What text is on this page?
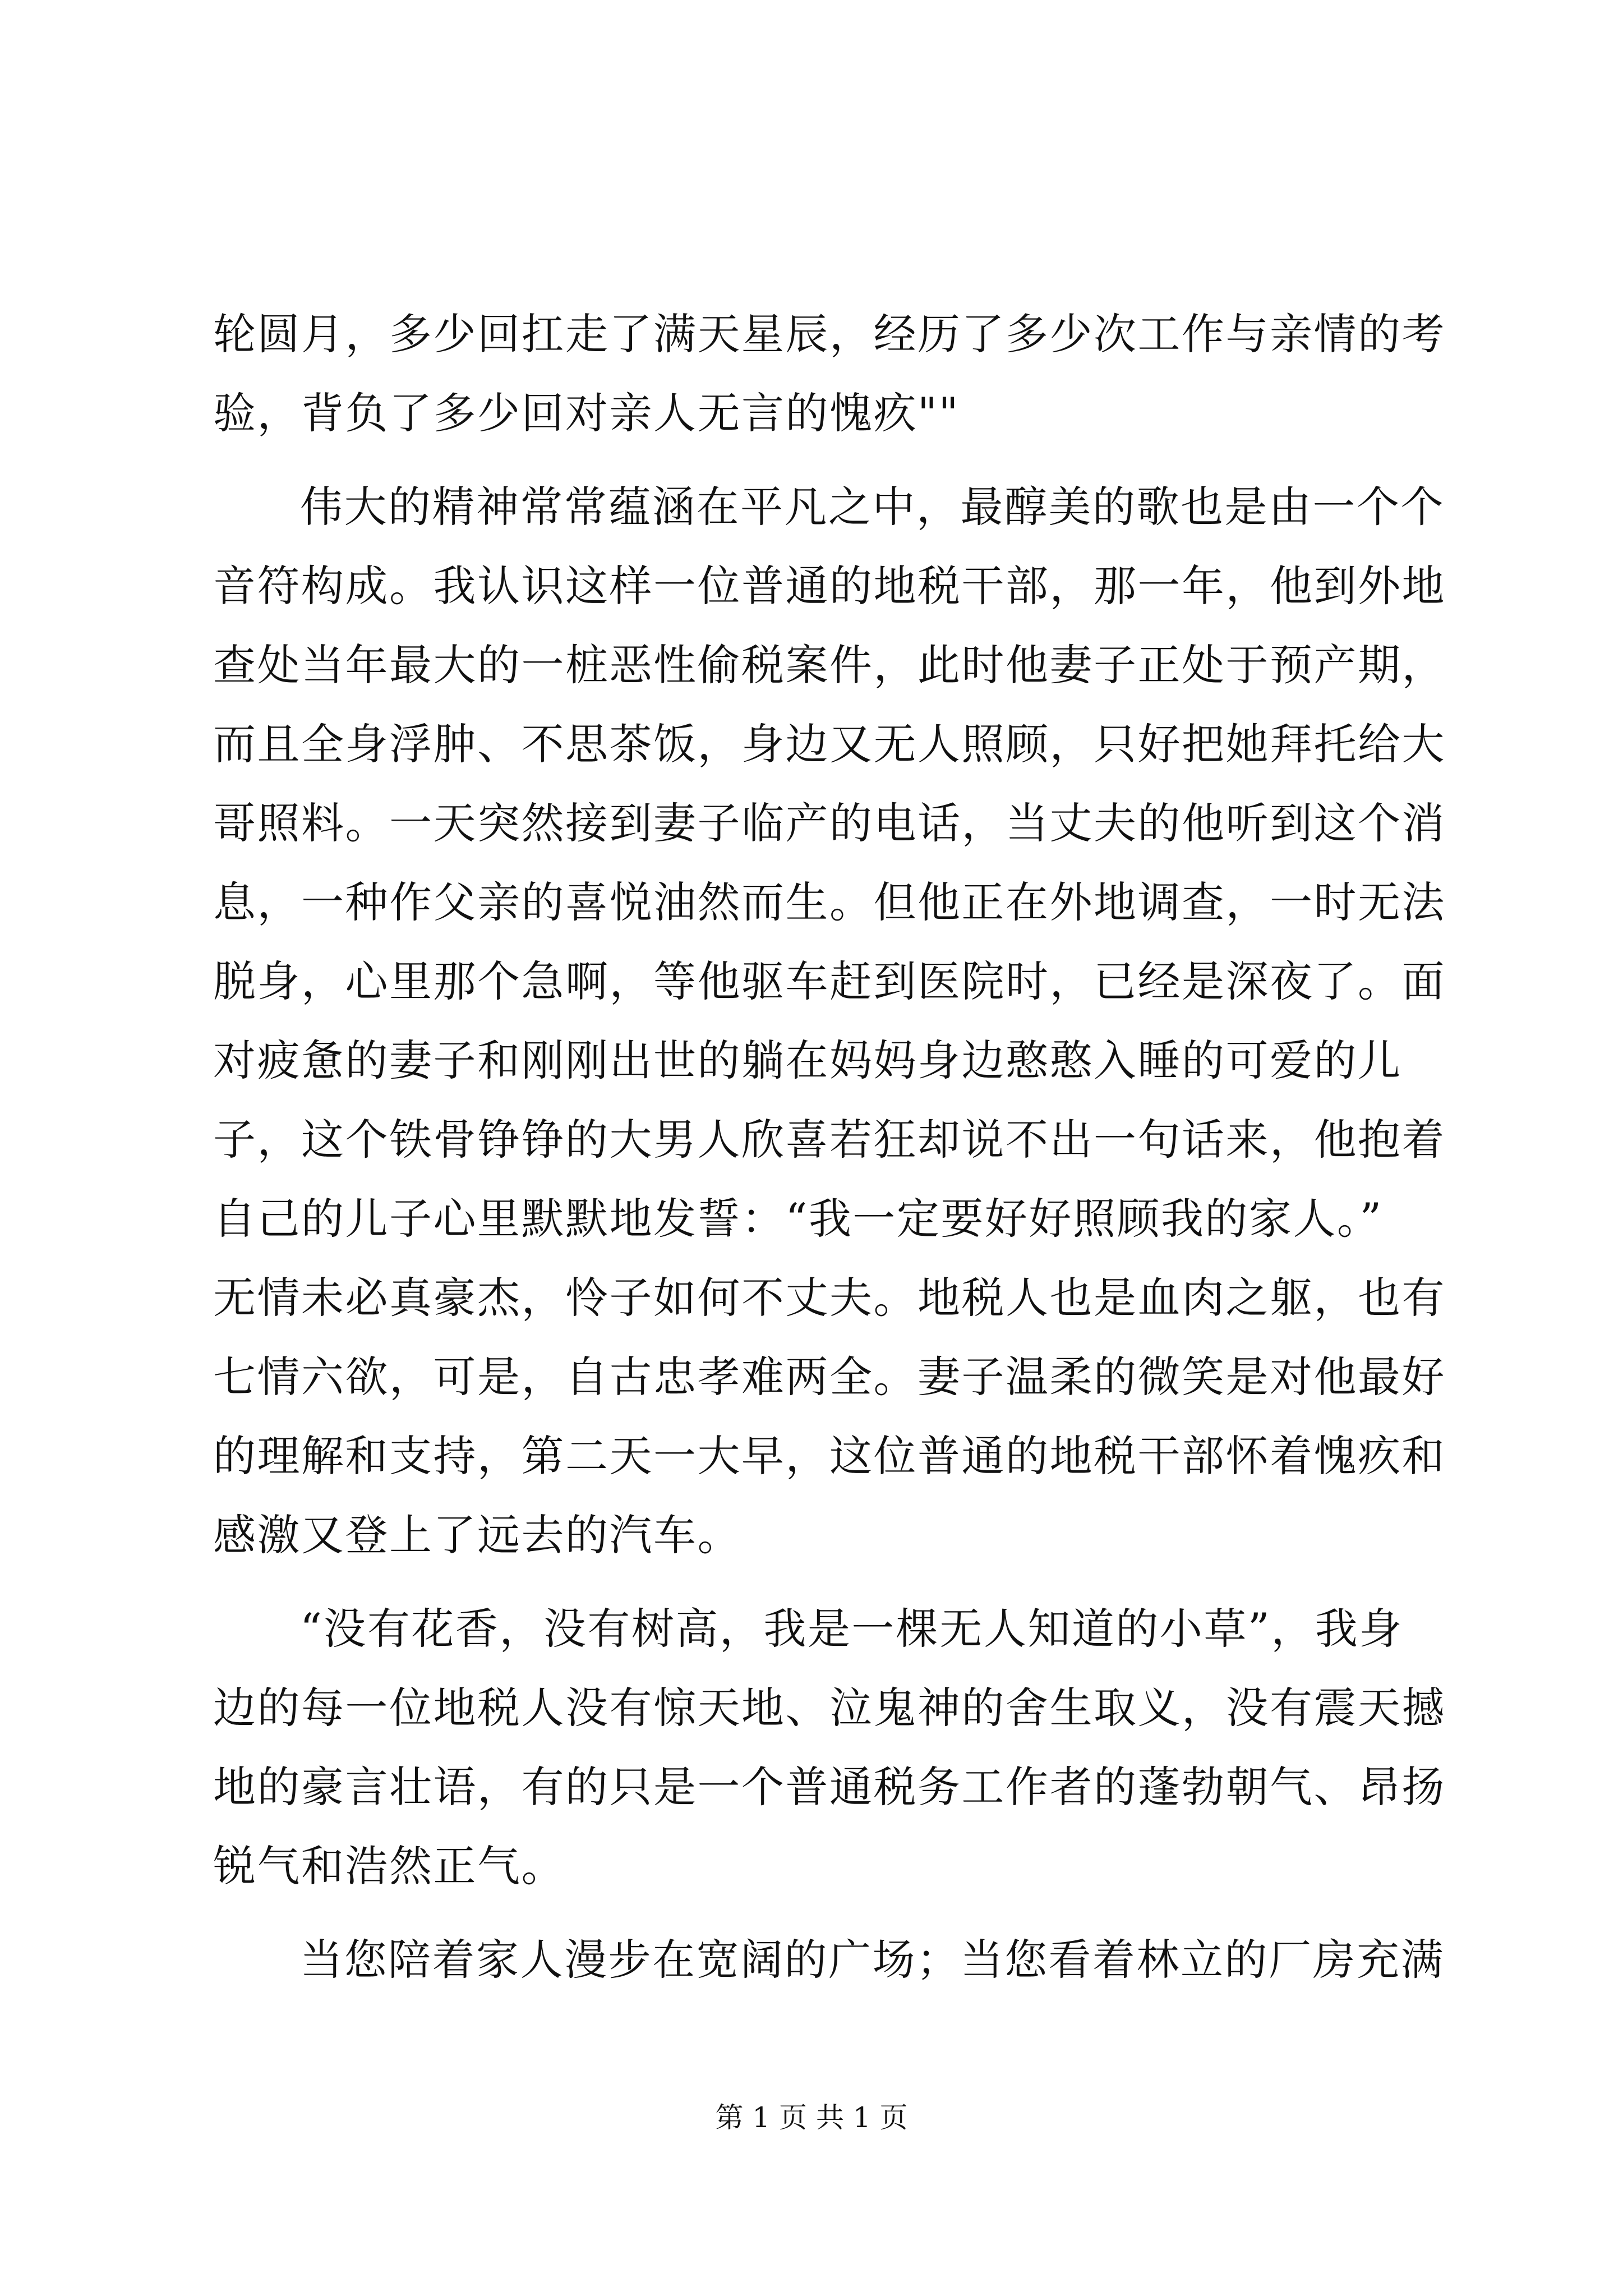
轮圆月，多少回扛走了满天星辰，经历了多少次工作与亲情的考
验，背负了多少回对亲人无言的愧疚""
伟大的精神常常蕴涵在平凡之中，最醇美的歌也是由一个个
音符构成。我认识这样一位普通的地税干部，那一年，他到外地
查处当年最大的一桩恶性偷税案件，此时他妻子正处于预产期，
而且全身浮肿、不思茶饭，身边又无人照顾，只好把她拜托给大
哥照料。一天突然接到妻子临产的电话，当丈夫的他听到这个消
息，一种作父亲的喜悦油然而生。但他正在外地调查，一时无法
脱身，心里那个急啊，等他驱车赶到医院时，已经是深夜了。面
对疲惫的妻子和刚刚出世的躺在妈妈身边憨憨入睡的可爱的儿
子，这个铁骨铮铮的大男人欣喜若狂却说不出一句话来，他抱着
自己的儿子心里默默地发誓：“我一定要好好照顾我的家人。”
无情未必真豪杰，怜子如何不丈夫。地税人也是血肉之躯，也有
七情六欲，可是，自古忠孝难两全。妻子温柔的微笑是对他最好
的理解和支持，第二天一大早，这位普通的地税干部怀着愧疚和
感激又登上了远去的汽车。
“没有花香，没有树高，我是一棵无人知道的小草”，我身
边的每一位地税人没有惊天地、泣鬼神的舍生取义，没有震天撼
地的豪言壮语，有的只是一个普通税务工作者的蓬勃朝气、昂扬
锐气和浩然正气。
当您陪着家人漫步在宽阔的广场；当您看着林立的厂房充满
第 1 页 共 1 页
